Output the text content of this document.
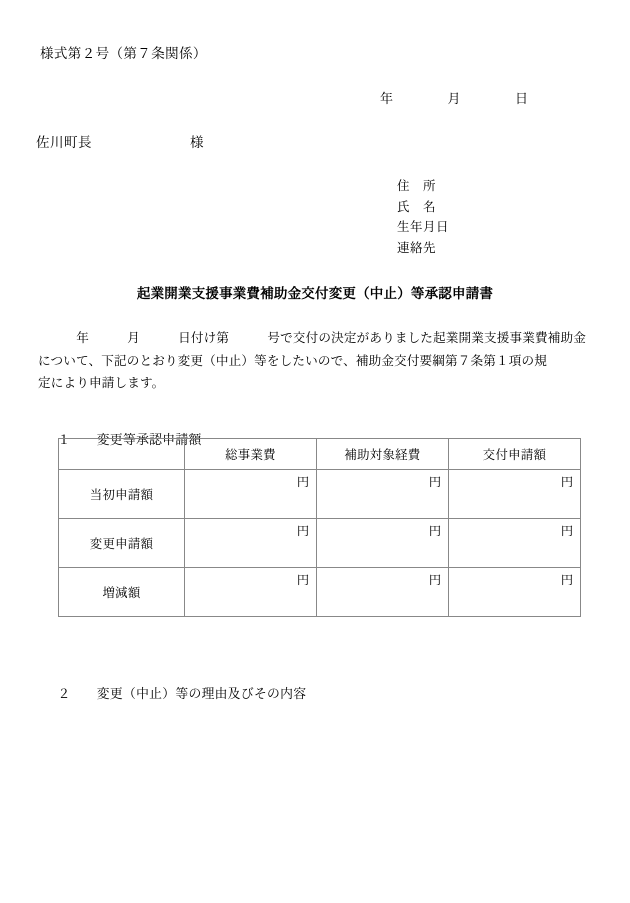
様式第２号（第７条関係）
年　　　　月　　　　日
佐川町長　　　　　　　様
住　所
氏　名
生年月日
連絡先
起業開業支援事業費補助金交付変更（中止）等承認申請書
　　　年　　　月　　　日付け第　　　号で交付の決定がありました起業開業支援事業費補助金
について、下記のとおり変更（中止）等をしたいので、補助金交付要綱第７条第１項の規
定により申請します。

１　　 変更等承認申請額

	総事業費	補助対象経費	交付申請額
当初申請額	円	円	円
変更申請額	円	円	円
増減額	円	円	円

２　　 変更（中止）等の理由及びその内容
